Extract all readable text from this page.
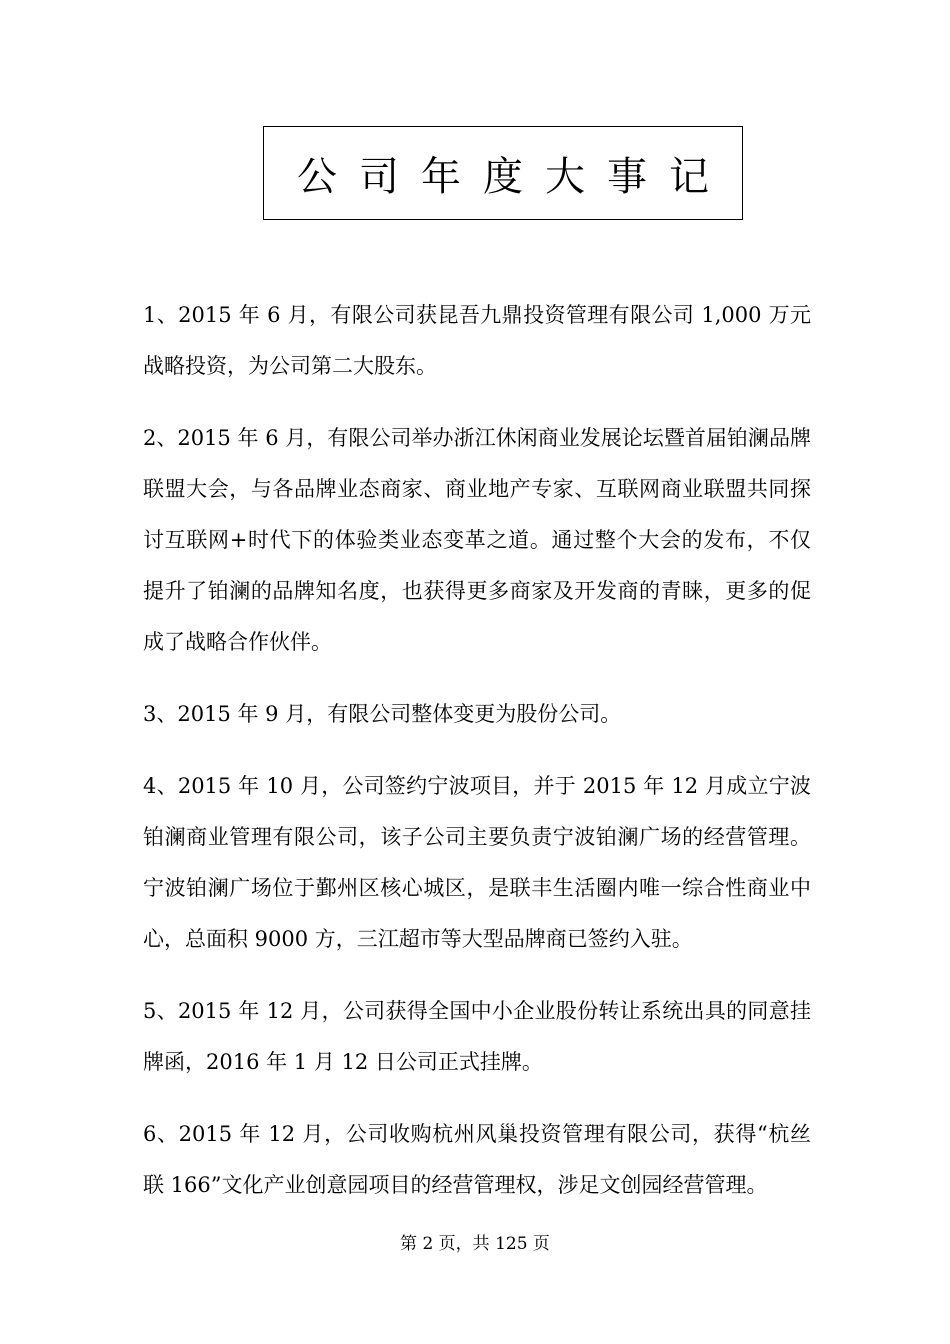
公司年度大事记

1、2015 年 6 月，有限公司获昆吾九鼎投资管理有限公司 1,000 万元战略投资，为公司第二大股东。

2、2015 年 6 月，有限公司举办浙江休闲商业发展论坛暨首届铂澜品牌联盟大会，与各品牌业态商家、商业地产专家、互联网商业联盟共同探讨互联网+时代下的体验类业态变革之道。通过整个大会的发布，不仅提升了铂澜的品牌知名度，也获得更多商家及开发商的青睐，更多的促成了战略合作伙伴。

3、2015 年 9 月，有限公司整体变更为股份公司。

4、2015 年 10 月，公司签约宁波项目，并于 2015 年 12 月成立宁波铂澜商业管理有限公司，该子公司主要负责宁波铂澜广场的经营管理。宁波铂澜广场位于鄞州区核心城区，是联丰生活圈内唯一综合性商业中心，总面积 9000 方，三江超市等大型品牌商已签约入驻。

5、2015 年 12 月，公司获得全国中小企业股份转让系统出具的同意挂牌函，2016 年 1 月 12 日公司正式挂牌。

6、2015 年 12 月，公司收购杭州风巢投资管理有限公司，获得“杭丝联 166”文化产业创意园项目的经营管理权，涉足文创园经营管理。

第 2 页，共 125 页
